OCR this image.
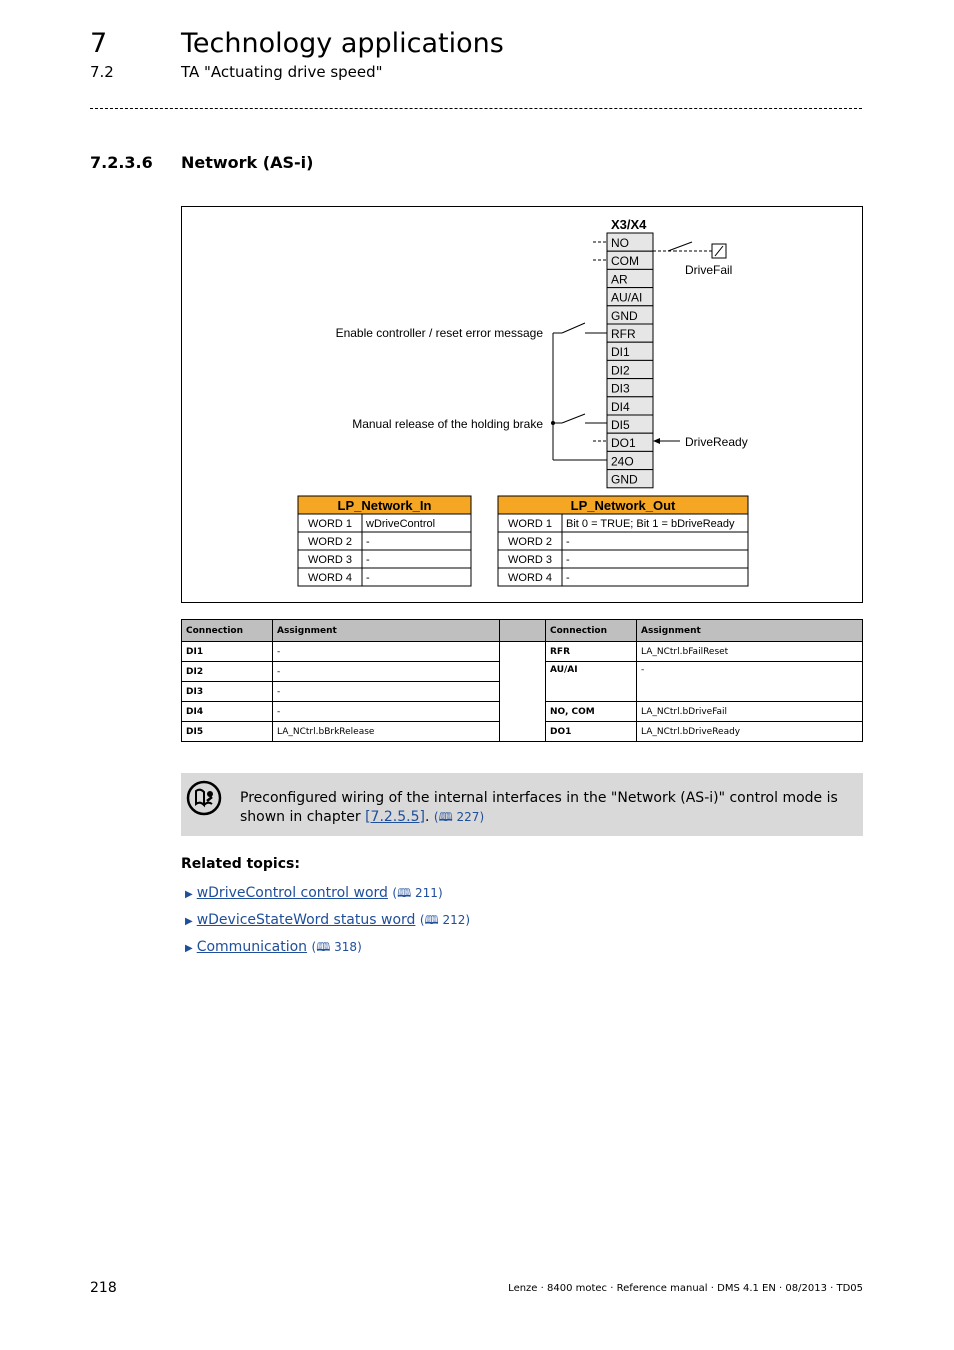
7	Technology applications
7.2	TA "Actuating drive speed"
7.2.3.6 Network (AS-i)
X3/X4
NO
COM
AR
AU/AI
GND
RFR
DI1
DI2
DI3
DI4
DI5
DO1
24O
GND
DriveFail
Enable controller / reset error message
Manual release of the holding brake
DriveReady
LP_Network_In
WORD 1 wDriveControl
WORD 2 -
WORD 3 -
WORD 4 -
LP_Network_Out
WORD 1 Bit 0 = TRUE; Bit 1 = bDriveReady
WORD 2 -
WORD 3 -
WORD 4 -
Connection	Assignment		Connection	Assignment
DI1	-		RFR	LA_NCtrl.bFailReset
DI2	-		AU/AI	-
DI3	-			
DI4	-		NO, COM	LA_NCtrl.bDriveFail
DI5	LA_NCtrl.bBrkRelease		DO1	LA_NCtrl.bDriveReady
Preconfigured wiring of the internal interfaces in the "Network (AS-i)" control mode is shown in chapter [7.2.5.5]. (🕮 227)
Related topics:
▶ wDriveControl control word (🕮 211)
▶ wDeviceStateWord status word (🕮 212)
▶ Communication (🕮 318)
218	Lenze · 8400 motec · Reference manual · DMS 4.1 EN · 08/2013 · TD05
